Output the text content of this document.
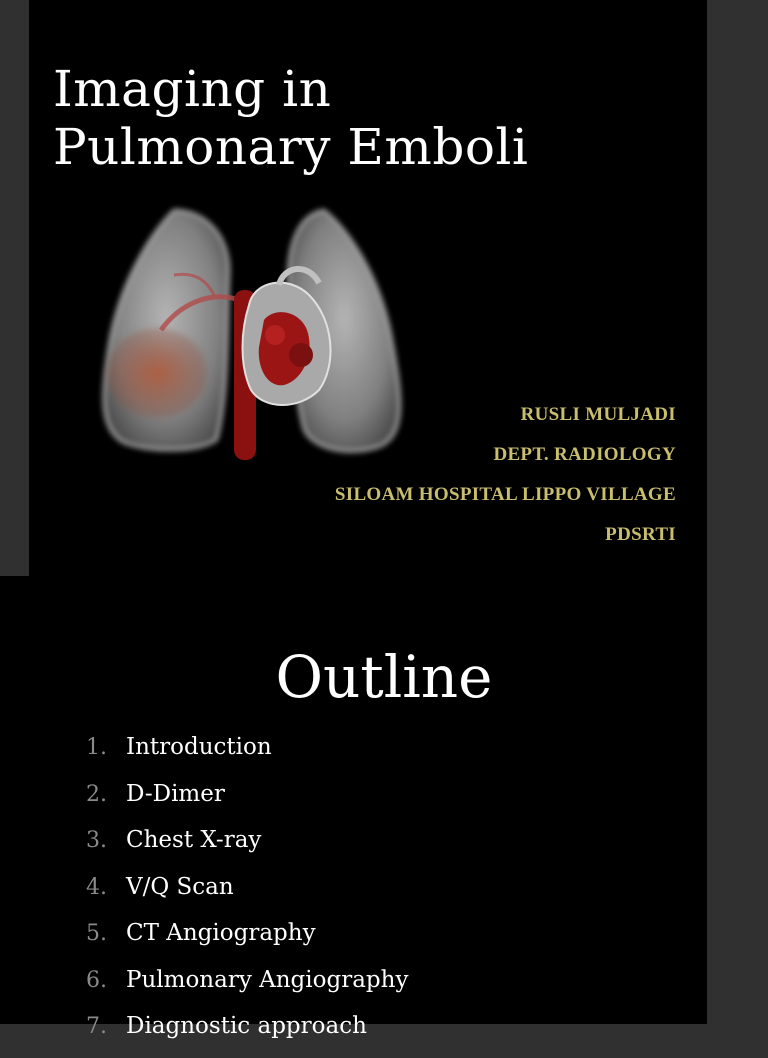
Imaging in
Pulmonary Emboli
RUSLI MULJADI
DEPT. RADIOLOGY
SILOAM HOSPITAL LIPPO VILLAGE
PDSRTI
Outline
1. Introduction
2. D-Dimer
3. Chest X-ray
4. V/Q Scan
5. CT Angiography
6. Pulmonary Angiography
7. Diagnostic approach
